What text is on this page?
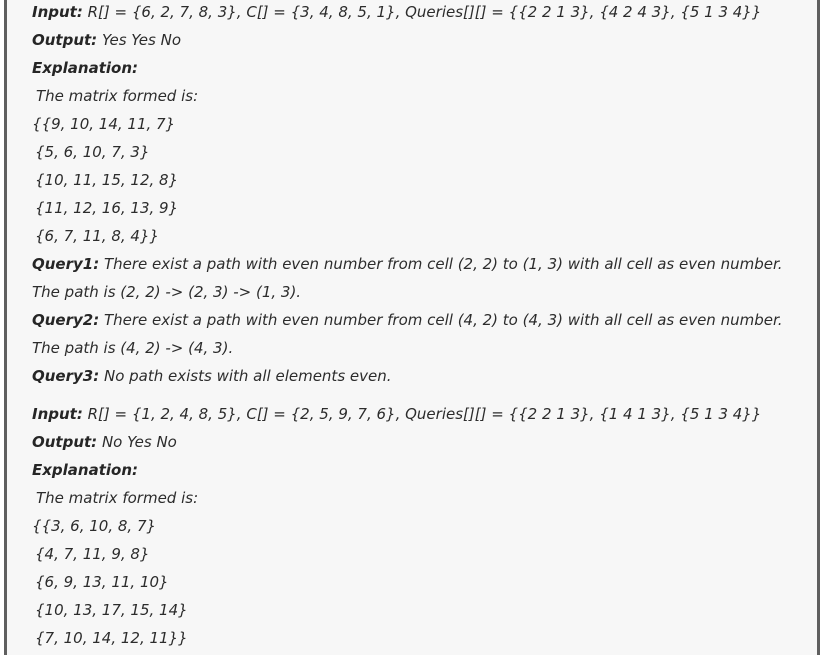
Input: R[] = {6, 2, 7, 8, 3}, C[] = {3, 4, 8, 5, 1}, Queries[][] = {{2 2 1 3}, {4 2 4 3}, {5 1 3 4}}
Output: Yes Yes No
Explanation:
The matrix formed is:
{{9, 10, 14, 11, 7}
{5, 6, 10, 7, 3}
{10, 11, 15, 12, 8}
{11, 12, 16, 13, 9}
{6, 7, 11, 8, 4}}
Query1: There exist a path with even number from cell (2, 2) to (1, 3) with all cell as even number.
The path is (2, 2) -> (2, 3) -> (1, 3).
Query2: There exist a path with even number from cell (4, 2) to (4, 3) with all cell as even number.
The path is (4, 2) -> (4, 3).
Query3: No path exists with all elements even.
Input: R[] = {1, 2, 4, 8, 5}, C[] = {2, 5, 9, 7, 6}, Queries[][] = {{2 2 1 3}, {1 4 1 3}, {5 1 3 4}}
Output: No Yes No
Explanation:
The matrix formed is:
{{3, 6, 10, 8, 7}
{4, 7, 11, 9, 8}
{6, 9, 13, 11, 10}
{10, 13, 17, 15, 14}
{7, 10, 14, 12, 11}}
